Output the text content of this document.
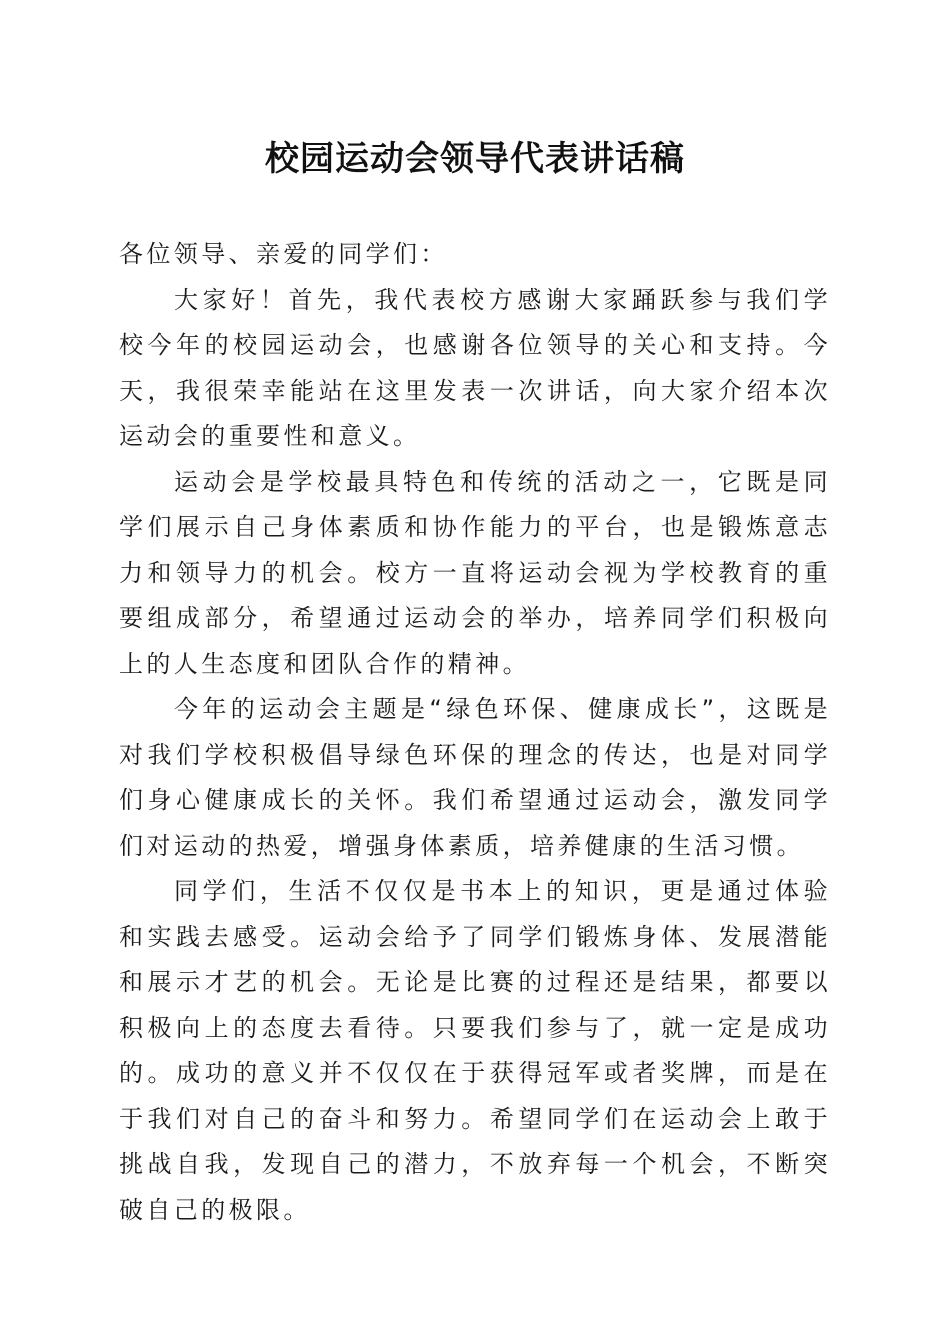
校园运动会领导代表讲话稿

各位领导、亲爱的同学们：

大家好！首先，我代表校方感谢大家踊跃参与我们学校今年的校园运动会，也感谢各位领导的关心和支持。今天，我很荣幸能站在这里发表一次讲话，向大家介绍本次运动会的重要性和意义。

运动会是学校最具特色和传统的活动之一，它既是同学们展示自己身体素质和协作能力的平台，也是锻炼意志力和领导力的机会。校方一直将运动会视为学校教育的重要组成部分，希望通过运动会的举办，培养同学们积极向上的人生态度和团队合作的精神。

今年的运动会主题是“绿色环保、健康成长”，这既是对我们学校积极倡导绿色环保的理念的传达，也是对同学们身心健康成长的关怀。我们希望通过运动会，激发同学们对运动的热爱，增强身体素质，培养健康的生活习惯。

同学们，生活不仅仅是书本上的知识，更是通过体验和实践去感受。运动会给予了同学们锻炼身体、发展潜能和展示才艺的机会。无论是比赛的过程还是结果，都要以积极向上的态度去看待。只要我们参与了，就一定是成功的。成功的意义并不仅仅在于获得冠军或者奖牌，而是在于我们对自己的奋斗和努力。希望同学们在运动会上敢于挑战自我，发现自己的潜力，不放弃每一个机会，不断突破自己的极限。
